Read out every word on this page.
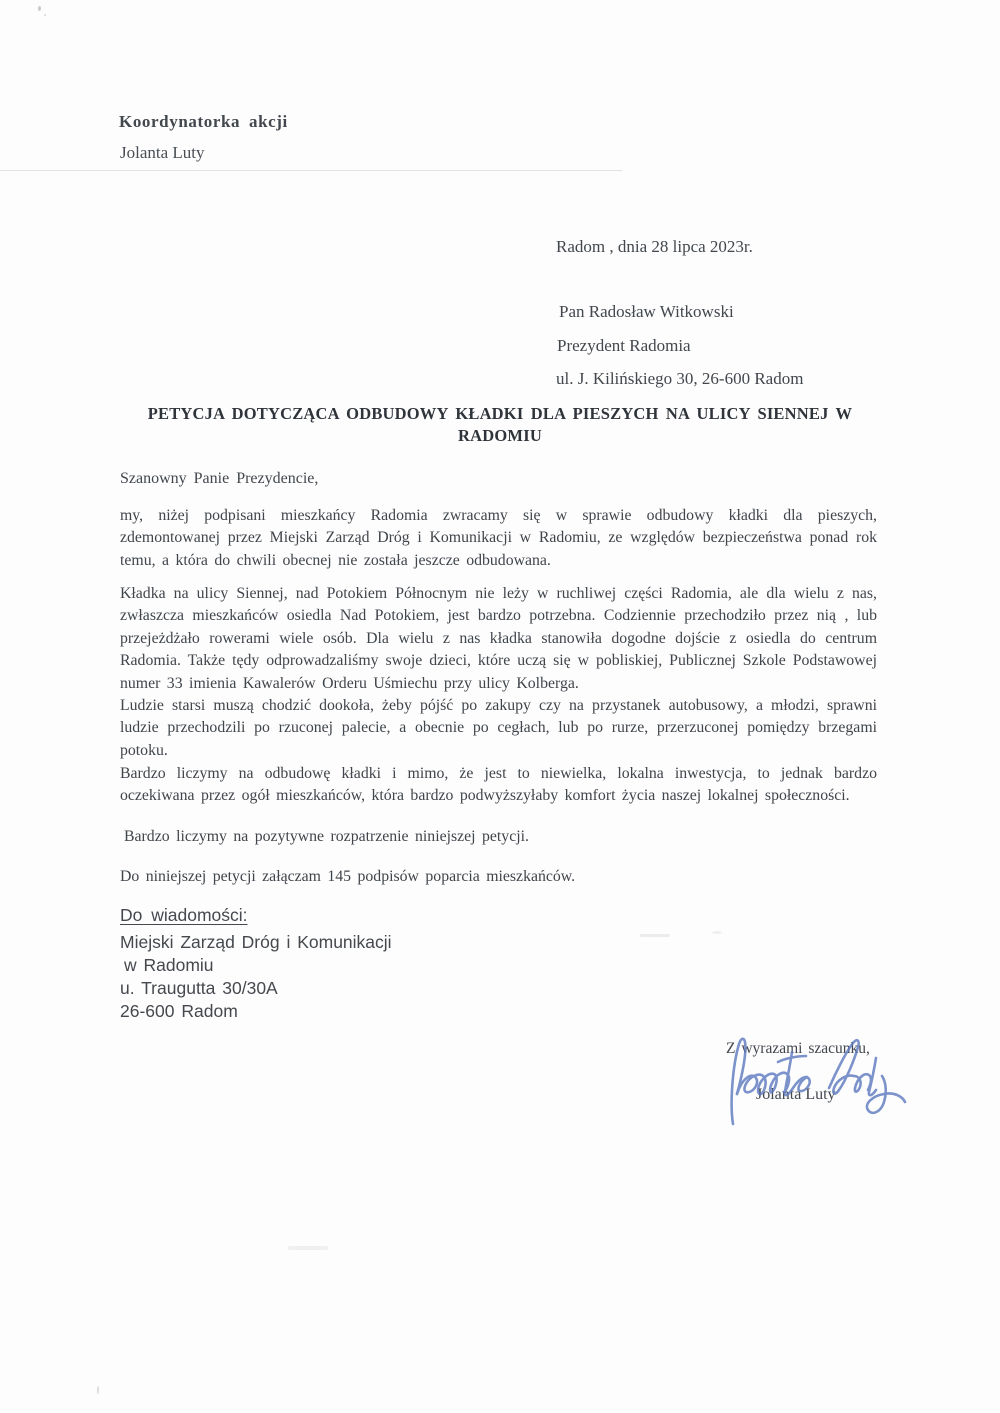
Koordynatorka akcji
Jolanta Luty
Radom , dnia 28 lipca 2023r.
Pan Radosław Witkowski
Prezydent Radomia
ul. J. Kilińskiego 30, 26-600 Radom
PETYCJA DOTYCZĄCA ODBUDOWY KŁADKI DLA PIESZYCH NA ULICY SIENNEJ W RADOMIU
Szanowny Panie Prezydencie,
my, niżej podpisani mieszkańcy Radomia zwracamy się w sprawie odbudowy kładki dla pieszych, zdemontowanej przez Miejski Zarząd Dróg i Komunikacji w Radomiu, ze względów bezpieczeństwa ponad rok temu, a która do chwili obecnej nie została jeszcze odbudowana.
Kładka na ulicy Siennej, nad Potokiem Północnym nie leży w ruchliwej części Radomia, ale dla wielu z nas, zwłaszcza mieszkańców osiedla Nad Potokiem, jest bardzo potrzebna. Codziennie przechodziło przez nią , lub przejeżdżało rowerami wiele osób. Dla wielu z nas kładka stanowiła dogodne dojście z osiedla do centrum Radomia. Także tędy odprowadzaliśmy swoje dzieci, które uczą się w pobliskiej, Publicznej Szkole Podstawowej numer 33 imienia Kawalerów Orderu Uśmiechu przy ulicy Kolberga.
Ludzie starsi muszą chodzić dookoła, żeby pójść po zakupy czy na przystanek autobusowy, a młodzi, sprawni ludzie przechodzili po rzuconej palecie, a obecnie po cegłach, lub po rurze, przerzuconej pomiędzy brzegami potoku.
Bardzo liczymy na odbudowę kładki i mimo, że jest to niewielka, lokalna inwestycja, to jednak bardzo oczekiwana przez ogół mieszkańców, która bardzo podwyższyłaby komfort życia naszej lokalnej społeczności.
Bardzo liczymy na pozytywne rozpatrzenie niniejszej petycji.
Do niniejszej petycji załączam 145 podpisów poparcia mieszkańców.
Do wiadomości:
Miejski Zarząd Dróg i Komunikacji
w Radomiu
u. Traugutta 30/30A
26-600 Radom
Z wyrazami szacunku,
Jolanta Luty
